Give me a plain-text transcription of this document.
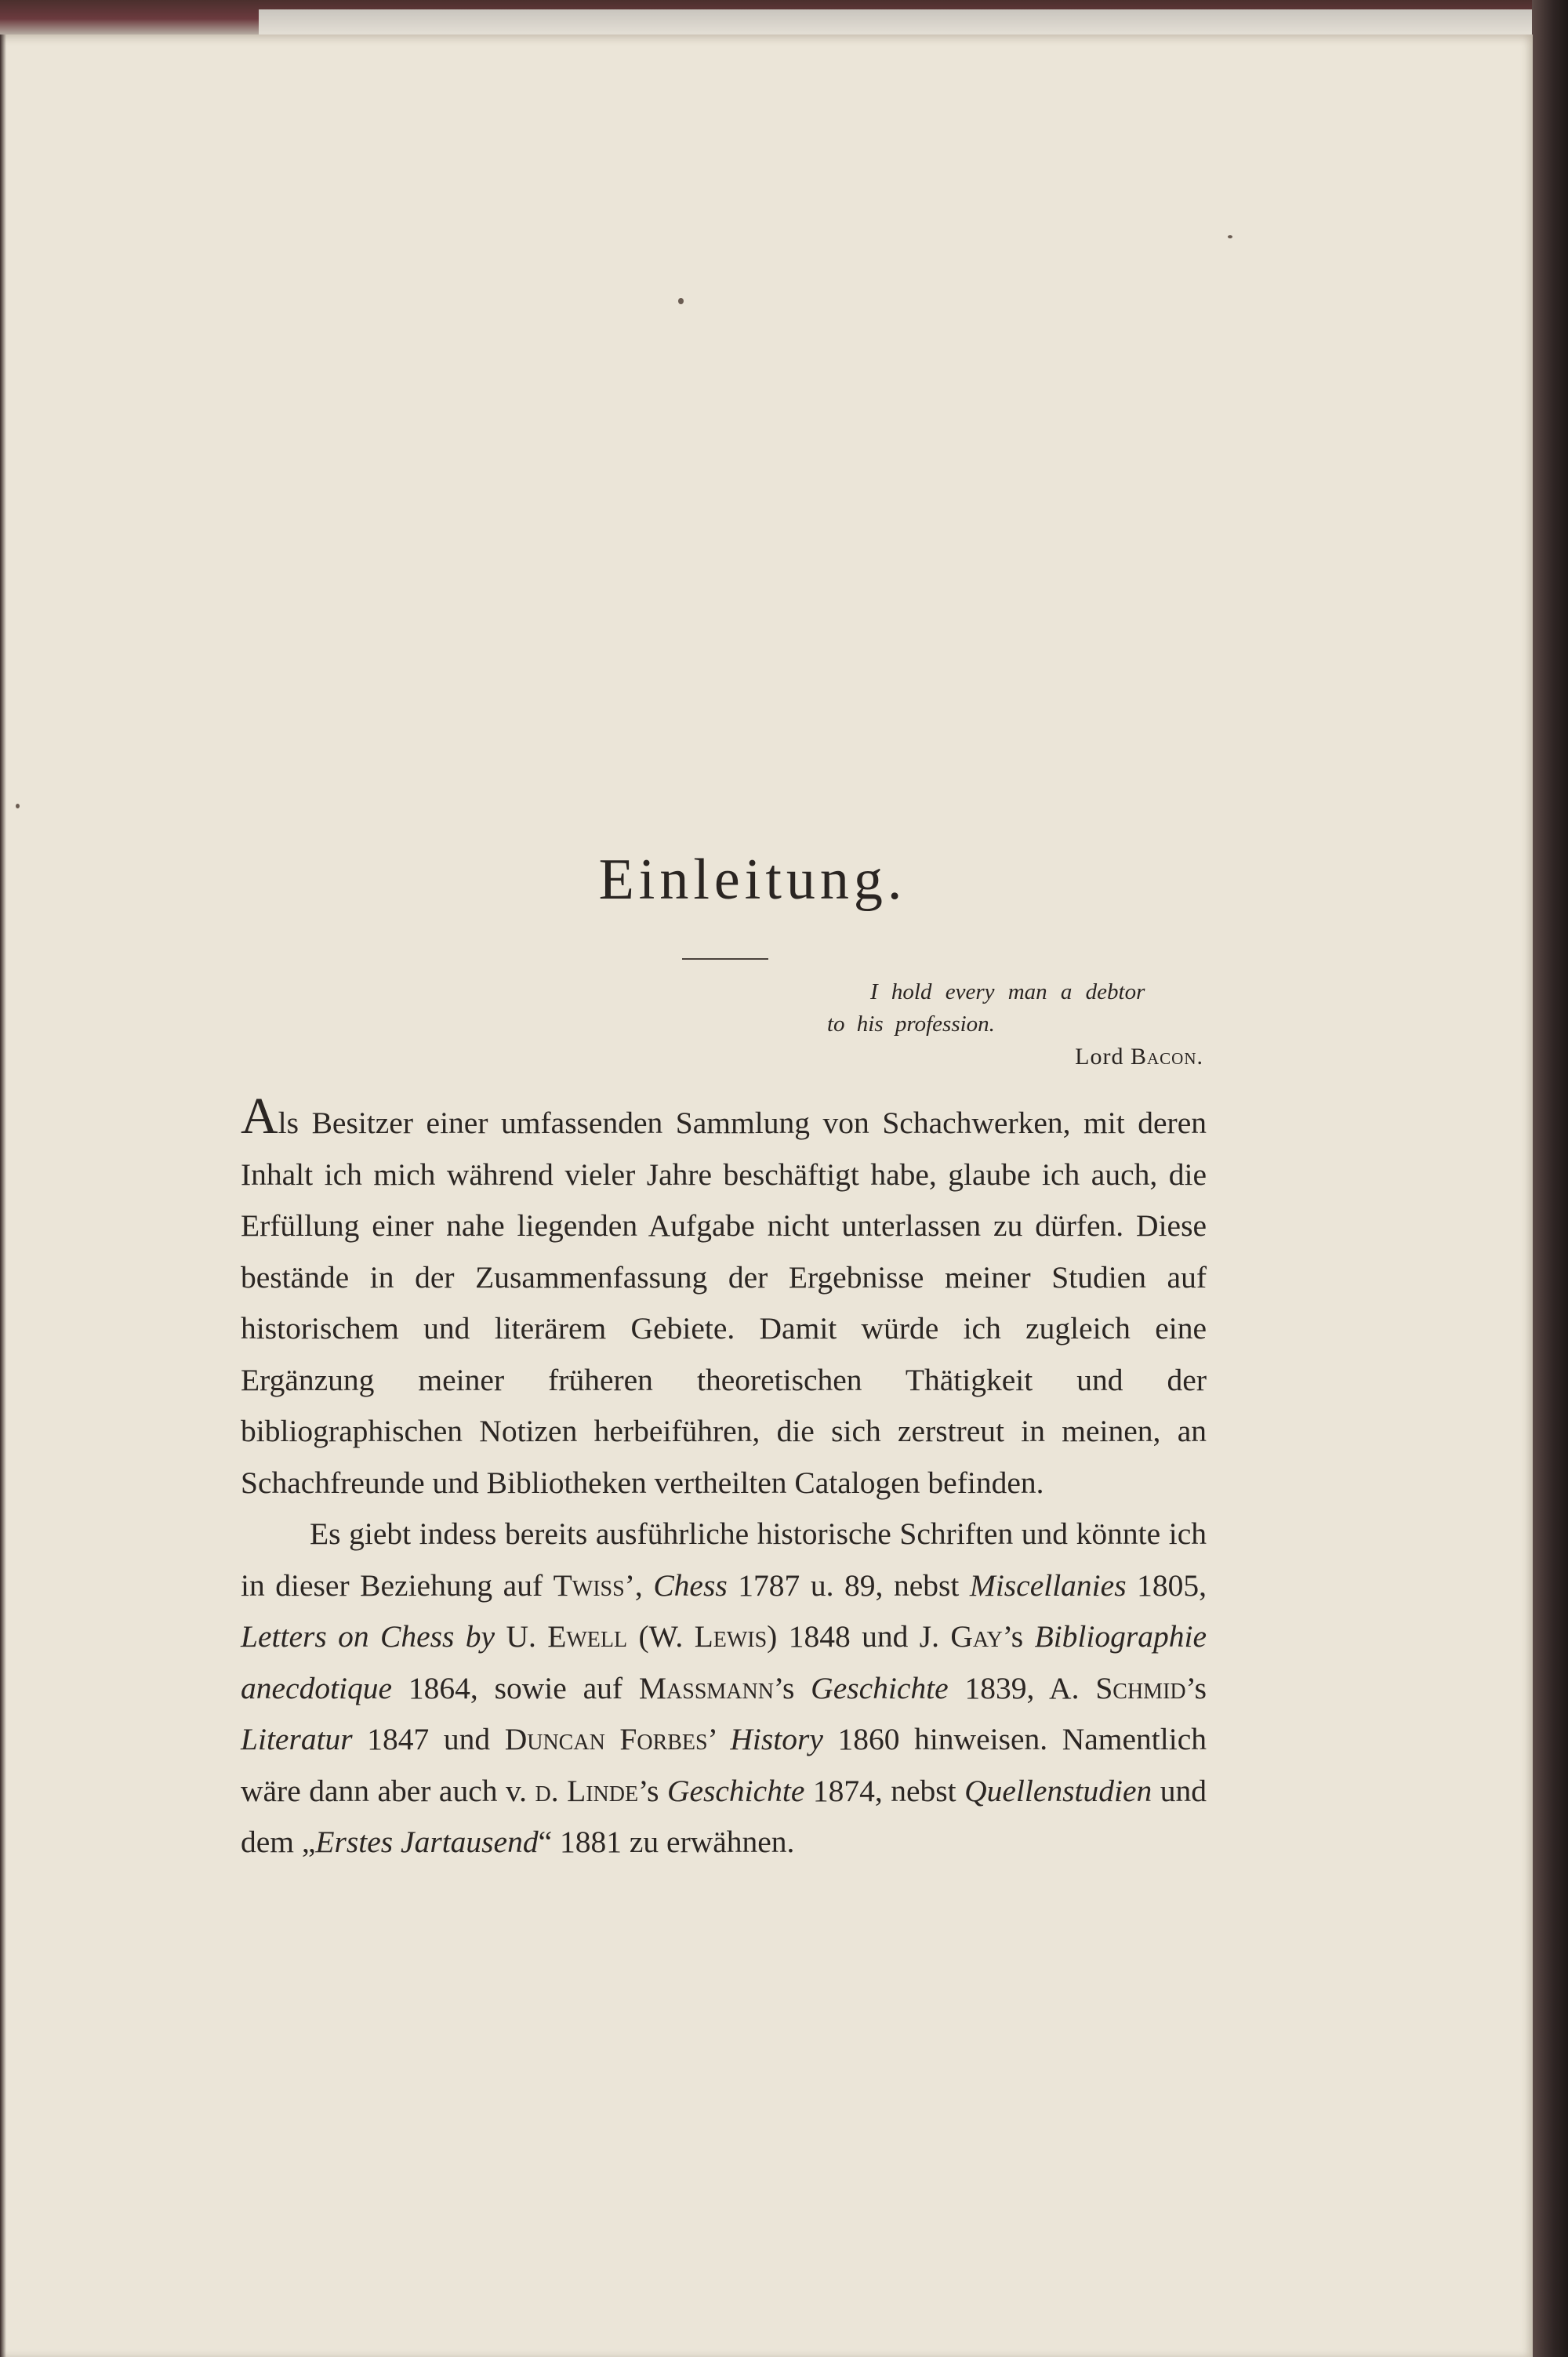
Einleitung.
I hold every man a debtor
to his profession.
Lord Bacon.

Als Besitzer einer umfassenden Sammlung von Schachwerken, mit deren Inhalt ich mich während vieler Jahre beschäftigt habe, glaube ich auch, die Erfüllung einer nahe liegenden Aufgabe nicht unterlassen zu dürfen. Diese bestände in der Zusammenfassung der Ergebnisse meiner Studien auf historischem und literärem Gebiete. Damit würde ich zugleich eine Ergänzung meiner früheren theoretischen Thätigkeit und der bibliographischen Notizen herbeiführen, die sich zerstreut in meinen, an Schachfreunde und Bibliotheken vertheilten Catalogen befinden.

Es giebt indess bereits ausführliche historische Schriften und könnte ich in dieser Beziehung auf Twiss’, Chess 1787 u. 89, nebst Miscellanies 1805, Letters on Chess by U. Ewell (W. Lewis) 1848 und J. Gay’s Bibliographie anecdotique 1864, sowie auf Massmann’s Geschichte 1839, A. Schmid’s Literatur 1847 und Duncan Forbes’ History 1860 hinweisen. Namentlich wäre dann aber auch v. d. Linde’s Geschichte 1874, nebst Quellenstudien und dem „Erstes Jartausend“ 1881 zu erwähnen.
